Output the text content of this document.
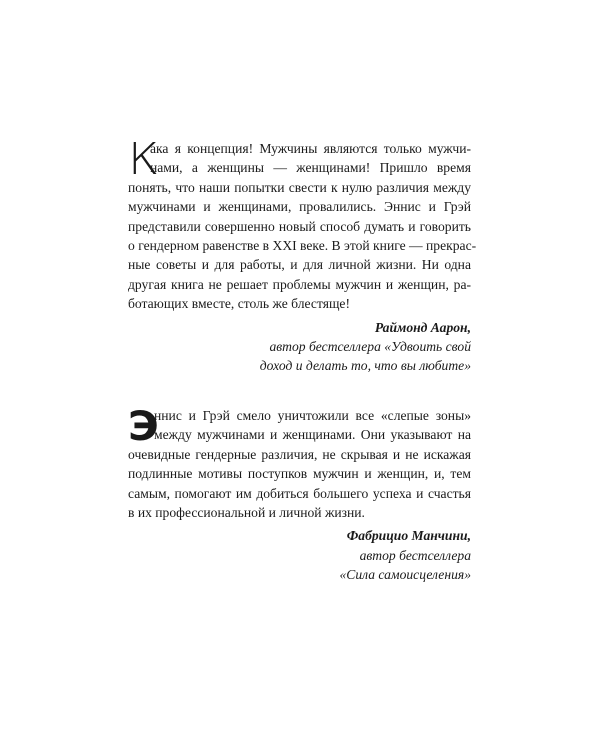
К
ака я концепция! Мужчины являются только мужчи-
нами, а женщины — женщинами! Пришло время
понять, что наши попытки свести к нулю различия между
мужчинами и женщинами, провалились. Эннис и Грэй
представили совершенно новый способ думать и говорить
о гендерном равенстве в XXI веке. В этой книге — прекрас-
ные советы и для работы, и для личной жизни. Ни одна
другая книга не решает проблемы мужчин и женщин, ра-
ботающих вместе, столь же блестяще!
Раймонд Аарон,
автор бестселлера «Удвоить свой
доход и делать то, что вы любите»
Э
ннис и Грэй смело уничтожили все «слепые зоны»
между мужчинами и женщинами. Они указывают на
очевидные гендерные различия, не скрывая и не искажая
подлинные мотивы поступков мужчин и женщин, и, тем
самым, помогают им добиться большего успеха и счастья
в их профессиональной и личной жизни.
Фабрицио Манчини,
автор бестселлера
«Сила самоисцеления»
